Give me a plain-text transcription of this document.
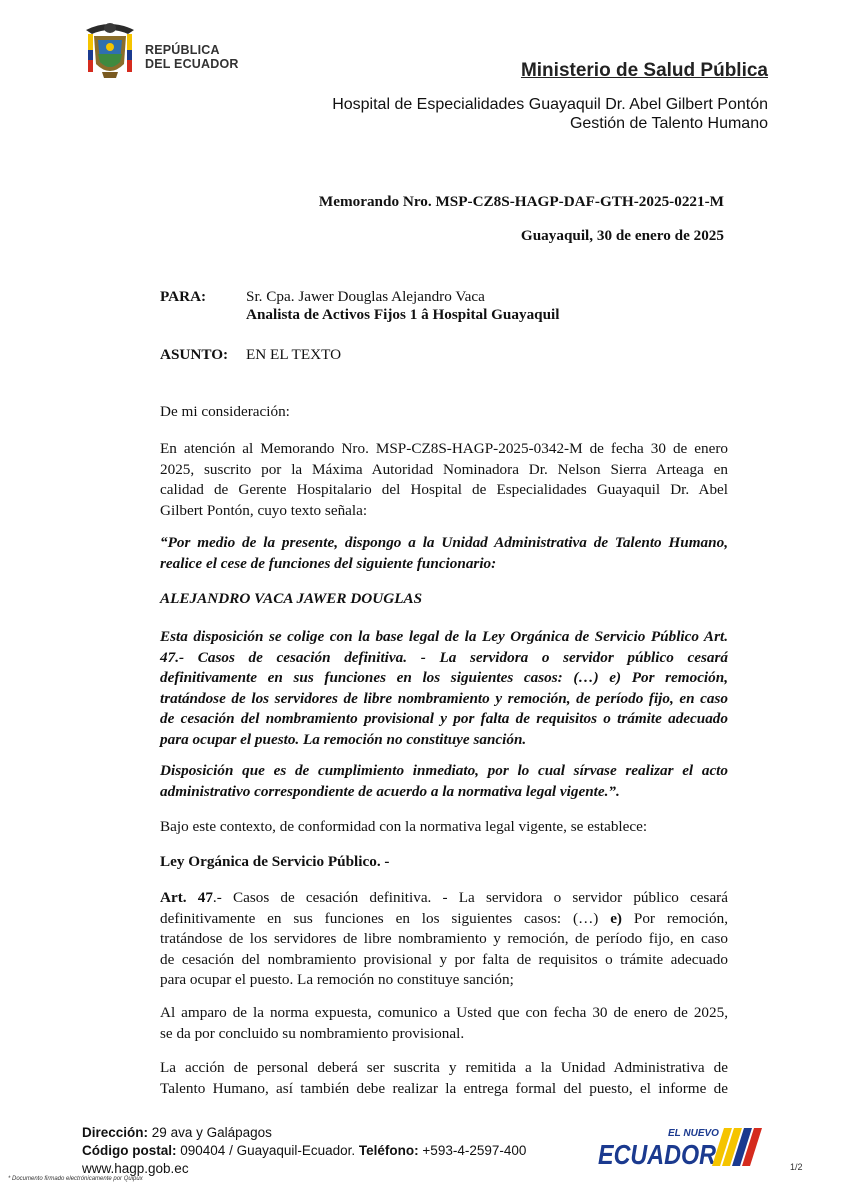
REPÚBLICA
DEL ECUADOR	Ministerio de Salud Pública
Hospital de Especialidades Guayaquil Dr. Abel Gilbert Pontón
Gestión de Talento Humano
Memorando Nro. MSP-CZ8S-HAGP-DAF-GTH-2025-0221-M
Guayaquil, 30 de enero de 2025
PARA:	Sr. Cpa. Jawer Douglas Alejandro Vaca
Analista de Activos Fijos 1 â Hospital Guayaquil
ASUNTO: EN EL TEXTO
De mi consideración:
En atención al Memorando Nro. MSP-CZ8S-HAGP-2025-0342-M de fecha 30 de enero
2025, suscrito por la Máxima Autoridad Nominadora Dr. Nelson Sierra Arteaga en
calidad de Gerente Hospitalario del Hospital de Especialidades Guayaquil Dr. Abel
Gilbert Pontón, cuyo texto señala:
“Por medio de la presente, dispongo a la Unidad Administrativa de Talento Humano,
realice el cese de funciones del siguiente funcionario:
ALEJANDRO VACA JAWER DOUGLAS
Esta disposición se colige con la base legal de la Ley Orgánica de Servicio Público Art.
47.- Casos de cesación definitiva. - La servidora o servidor público cesará
definitivamente en sus funciones en los siguientes casos: (…) e) Por remoción,
tratándose de los servidores de libre nombramiento y remoción, de período fijo, en caso
de cesación del nombramiento provisional y por falta de requisitos o trámite adecuado
para ocupar el puesto. La remoción no constituye sanción.
Disposición que es de cumplimiento inmediato, por lo cual sírvase realizar el acto
administrativo correspondiente de acuerdo a la normativa legal vigente.”.
Bajo este contexto, de conformidad con la normativa legal vigente, se establece:
Ley Orgánica de Servicio Público. -
Art. 47.- Casos de cesación definitiva. - La servidora o servidor público cesará
definitivamente en sus funciones en los siguientes casos: (…) e) Por remoción,
tratándose de los servidores de libre nombramiento y remoción, de período fijo, en caso
de cesación del nombramiento provisional y por falta de requisitos o trámite adecuado
para ocupar el puesto. La remoción no constituye sanción;
Al amparo de la norma expuesta, comunico a Usted que con fecha 30 de enero de 2025,
se da por concluido su nombramiento provisional.
La acción de personal deberá ser suscrita y remitida a la Unidad Administrativa de
Talento Humano, así también debe realizar la entrega formal del puesto, el informe de
Dirección: 29 ava y Galápagos
Código postal: 090404 / Guayaquil-Ecuador. Teléfono: +593-4-2597-400
www.hagp.gob.ec
* Documento firmado electrónicamente por Quipux
EL NUEVO
ECUADOR	1/2
